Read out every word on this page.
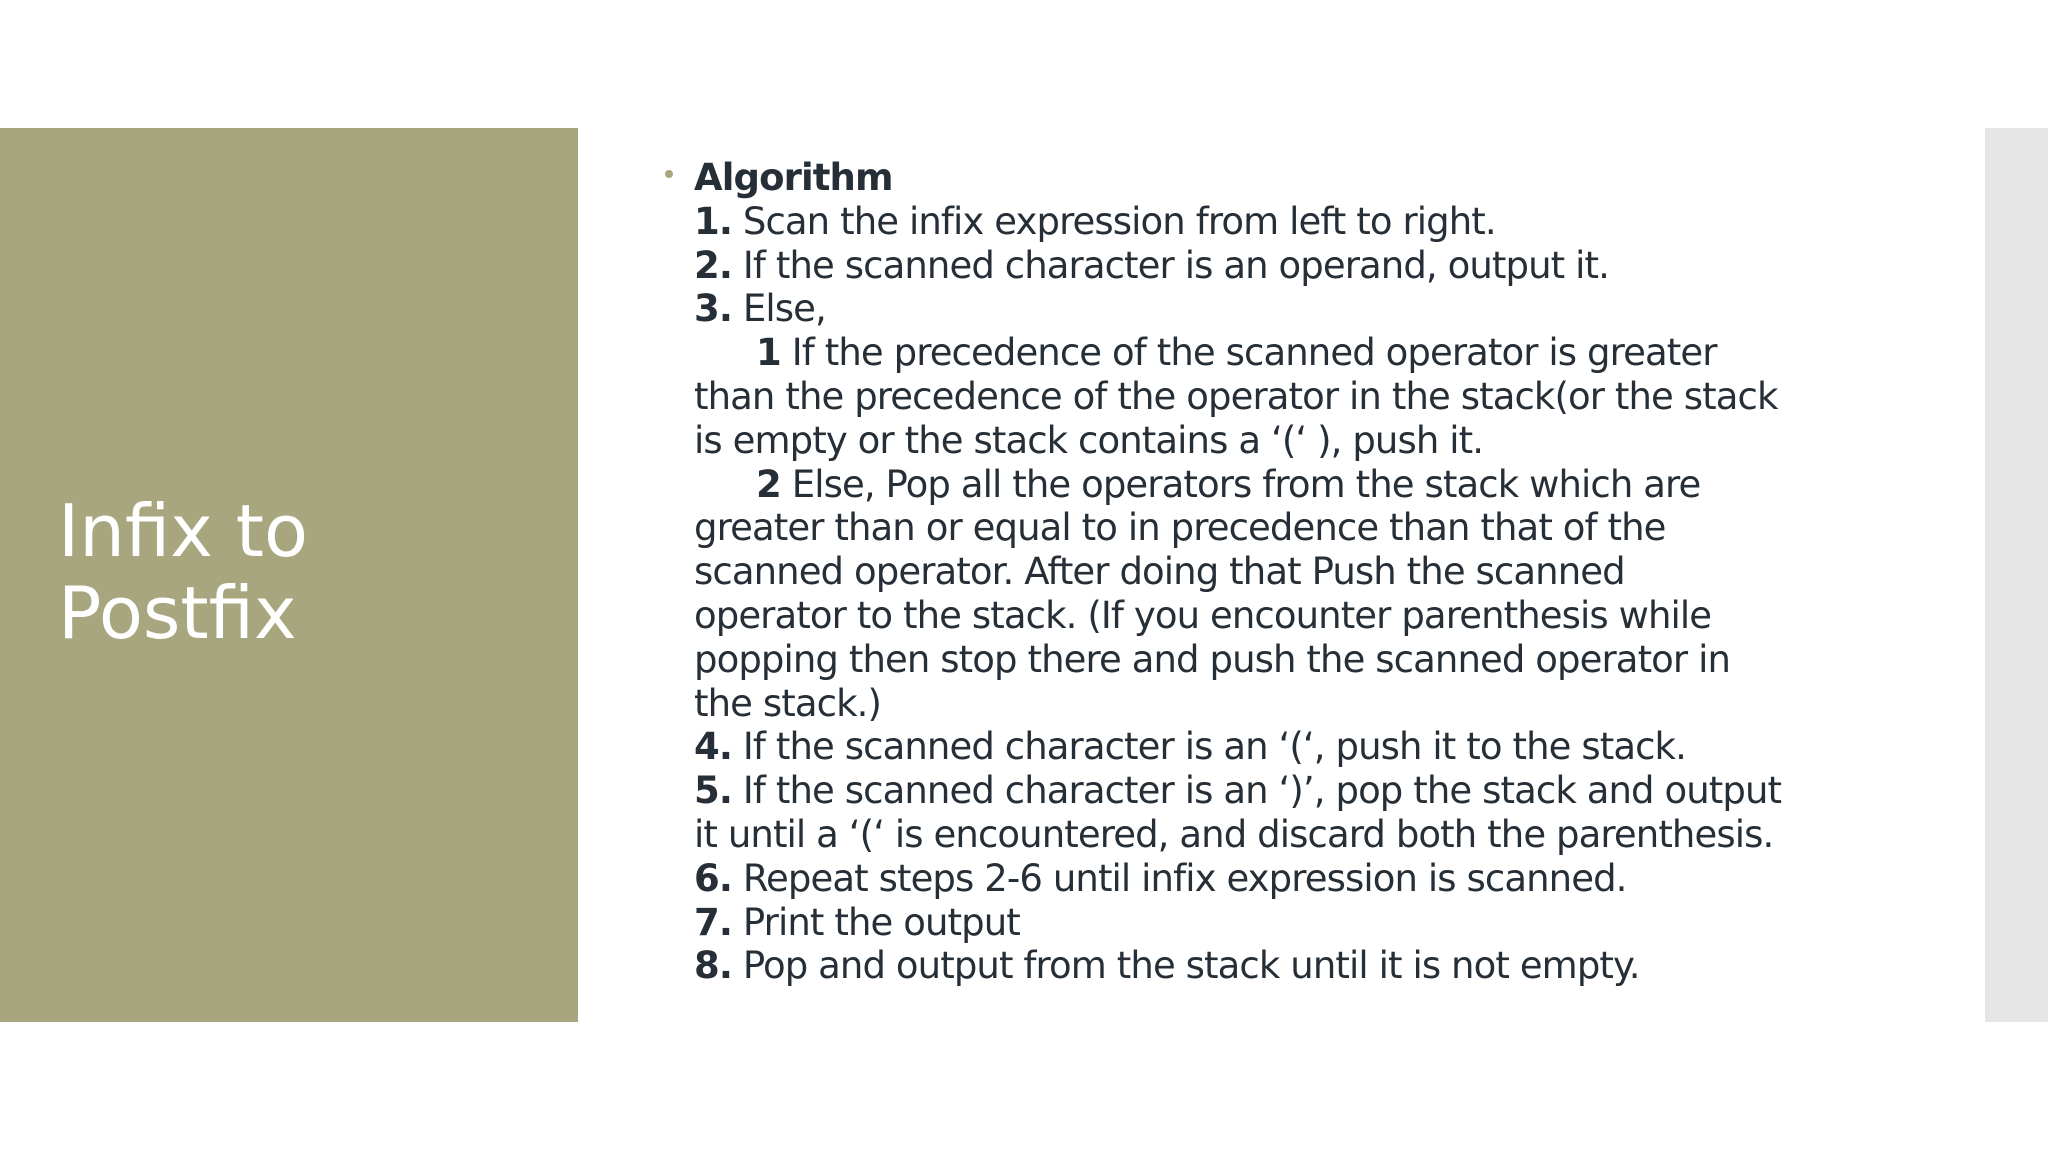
Infix to
Postfix
Algorithm
1. Scan the infix expression from left to right.
2. If the scanned character is an operand, output it.
3. Else,
1 If the precedence of the scanned operator is greater
than the precedence of the operator in the stack(or the stack
is empty or the stack contains a ‘(‘ ), push it.
2 Else, Pop all the operators from the stack which are
greater than or equal to in precedence than that of the
scanned operator. After doing that Push the scanned
operator to the stack. (If you encounter parenthesis while
popping then stop there and push the scanned operator in
the stack.)
4. If the scanned character is an ‘(‘, push it to the stack.
5. If the scanned character is an ‘)’, pop the stack and output
it until a ‘(‘ is encountered, and discard both the parenthesis.
6. Repeat steps 2-6 until infix expression is scanned.
7. Print the output
8. Pop and output from the stack until it is not empty.
